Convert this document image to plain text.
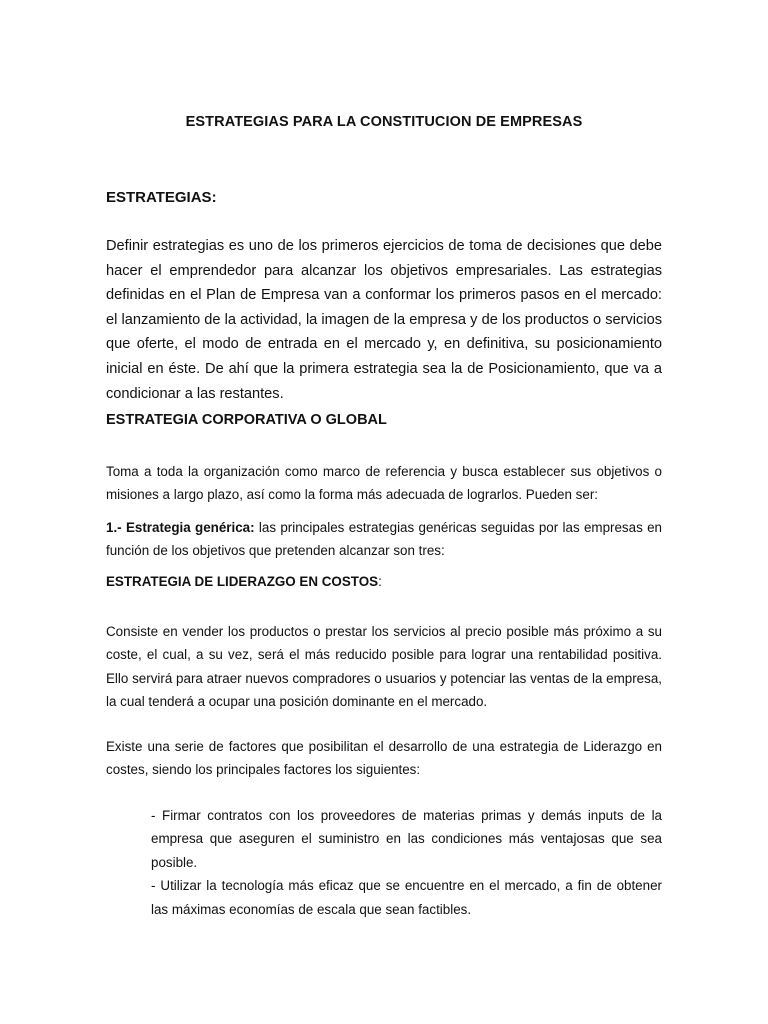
ESTRATEGIAS PARA LA CONSTITUCION DE EMPRESAS
ESTRATEGIAS:
Definir estrategias es uno de los primeros ejercicios de toma de decisiones que debe hacer el emprendedor para alcanzar los objetivos empresariales. Las estrategias definidas en el Plan de Empresa van a conformar los primeros pasos en el mercado: el lanzamiento de la actividad, la imagen de la empresa y de los productos o servicios que oferte, el modo de entrada en el mercado y, en definitiva, su posicionamiento inicial en éste. De ahí que la primera estrategia sea la de Posicionamiento, que va a condicionar a las restantes.
ESTRATEGIA CORPORATIVA O GLOBAL
Toma a toda la organización como marco de referencia y busca establecer sus objetivos o misiones a largo plazo, así como la forma más adecuada de lograrlos. Pueden ser:
1.- Estrategia genérica: las principales estrategias genéricas seguidas por las empresas en función de los objetivos que pretenden alcanzar son tres:
ESTRATEGIA DE LIDERAZGO EN COSTOS:
Consiste en vender los productos o prestar los servicios al precio posible más próximo a su coste, el cual, a su vez, será el más reducido posible para lograr una rentabilidad positiva. Ello servirá para atraer nuevos compradores o usuarios y potenciar las ventas de la empresa, la cual tenderá a ocupar una posición dominante en el mercado.
Existe una serie de factores que posibilitan el desarrollo de una estrategia de Liderazgo en costes, siendo los principales factores los siguientes:
- Firmar contratos con los proveedores de materias primas y demás inputs de la empresa que aseguren el suministro en las condiciones más ventajosas que sea posible.
- Utilizar la tecnología más eficaz que se encuentre en el mercado, a fin de obtener las máximas economías de escala que sean factibles.
